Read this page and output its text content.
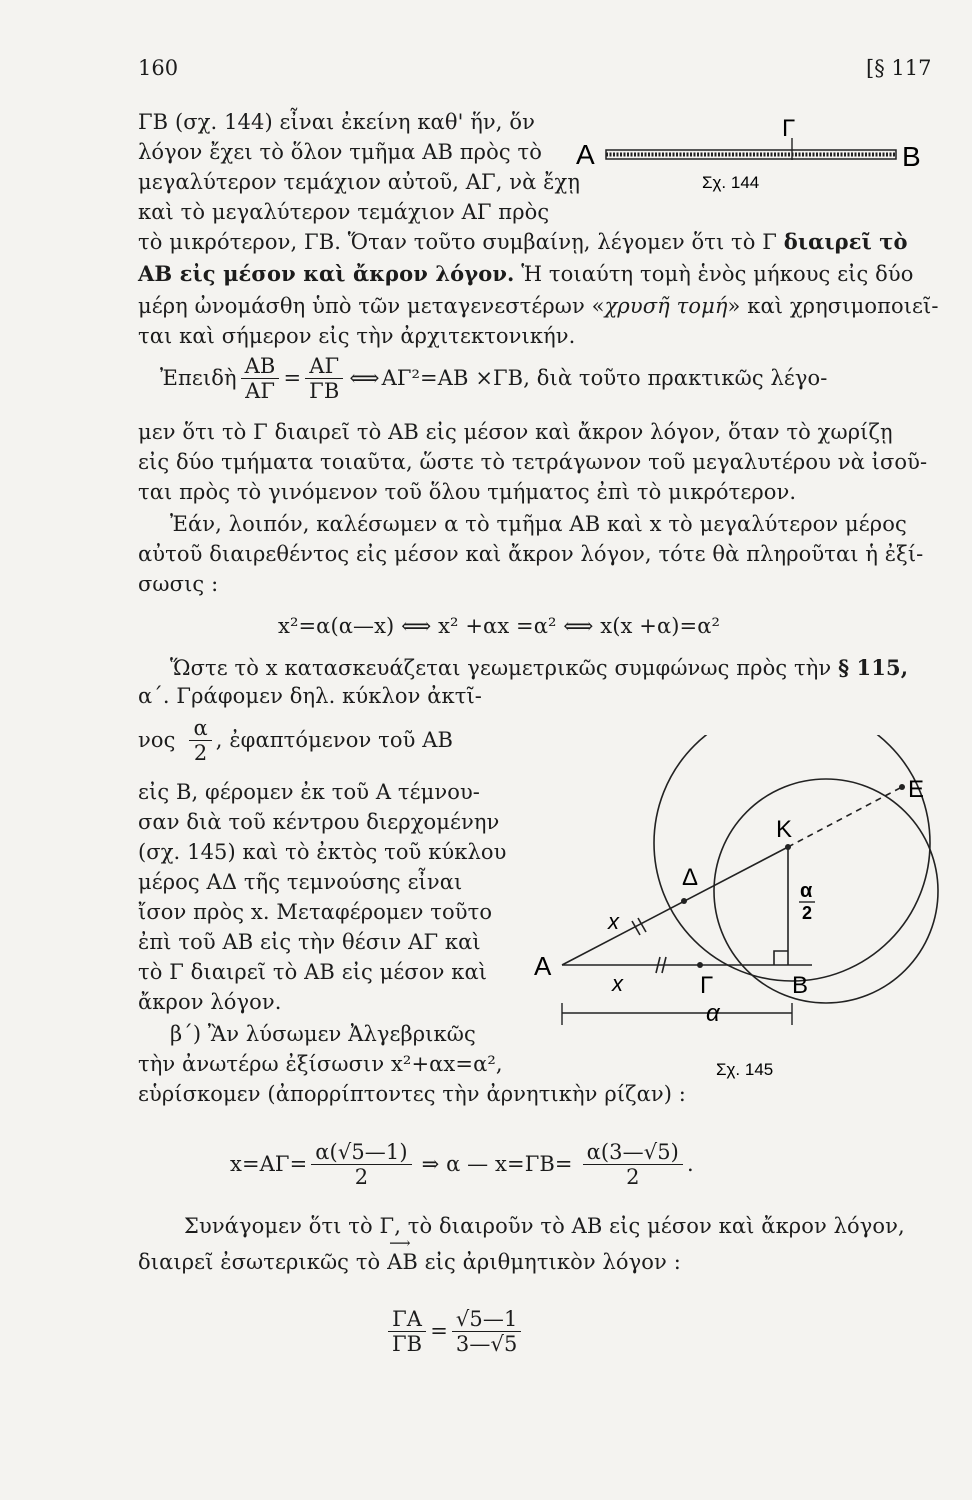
160	[§ 117
A
Γ
B
Σχ. 144
ΓΒ (σχ. 144) εἶναι ἐκείνη καθ' ἥν, ὅν
λόγον ἔχει τὸ ὅλον τμῆμα ΑΒ πρὸς τὸ
μεγαλύτερον τεμάχιον αὐτοῦ, ΑΓ, νὰ ἔχῃ
καὶ τὸ μεγαλύτερον τεμάχιον ΑΓ πρὸς
τὸ μικρότερον, ΓΒ. Ὅταν τοῦτο συμβαίνῃ, λέγομεν ὅτι τὸ Γ διαιρεῖ τὸ
ΑΒ εἰς μέσον καὶ ἄκρον λόγον. Ἡ τοιαύτη τομὴ ἑνὸς μήκους εἰς δύο
μέρη ὠνομάσθη ὑπὸ τῶν μεταγενεστέρων «χρυσῆ τομή» καὶ χρησιμοποιεῖ-
ται καὶ σήμερον εἰς τὴν ἀρχιτεκτονικήν.
Ἐπειδὴ $\frac{AB}{A\Gamma} = \frac{A\Gamma}{\Gamma B}$ ⟺ ΑΓ²=ΑΒ ×ΓΒ, διὰ τοῦτο πρακτικῶς λέγο-
μεν ὅτι τὸ Γ διαιρεῖ τὸ ΑΒ εἰς μέσον καὶ ἄκρον λόγον, ὅταν τὸ χωρίζῃ
εἰς δύο τμήματα τοιαῦτα, ὥστε τὸ τετράγωνον τοῦ μεγαλυτέρου νὰ ἰσοῦ-
ται πρὸς τὸ γινόμενον τοῦ ὅλου τμήματος ἐπὶ τὸ μικρότερον.
Ἐάν, λοιπόν, καλέσωμεν α τὸ τμῆμα ΑΒ καὶ x τὸ μεγαλύτερον μέρος
αὐτοῦ διαιρεθέντος εἰς μέσον καὶ ἄκρον λόγον, τότε θὰ πληροῦται ἡ ἐξί-
σωσις :
x²=α(α—x) ⟺ x² +αx =α² ⟺ x(x +α)=α²
Ὥστε τὸ x κατασκευάζεται γεωμετρικῶς συμφώνως πρὸς τὴν § 115,
α΄. Γράφομεν δηλ. κύκλον ἀκτῖ-
νος $\frac{\alpha}{2}$ , ἐφαπτόμενον τοῦ ΑΒ
εἰς Β, φέρομεν ἐκ τοῦ Α τέμνου-
σαν διὰ τοῦ κέντρου διερχομένην
(σχ. 145) καὶ τὸ ἐκτὸς τοῦ κύκλου
μέρος ΑΔ τῆς τεμνούσης εἶναι
ἴσον πρὸς x. Μεταφέρομεν τοῦτο
ἐπὶ τοῦ ΑΒ εἰς τὴν θέσιν ΑΓ καὶ
τὸ Γ διαιρεῖ τὸ ΑΒ εἰς μέσον καὶ
ἄκρον λόγον.
β΄) Ἂν λύσωμεν Ἀλγεβρικῶς
τὴν ἀνωτέρω ἐξίσωσιν x²+αx=α²,
εὑρίσκομεν (ἀπορρίπτοντες τὴν ἀρνητικὴν ρίζαν) :
A
Γ	B
Δ
K
E
x
x
α
α
2
Σχ. 145
$x=A\Gamma= \frac{\alpha(√5—1)}{2}$ ⇒ α — $x=\Gamma B= \frac{\alpha(3—√5)}{2}$ .
Συνάγομεν ὅτι τὸ Γ, τὸ διαιροῦν τὸ ΑΒ εἰς μέσον καὶ ἄκρον λόγον,
διαιρεῖ ἐσωτερικῶς τὸ
⟶
ΑΒ εἰς ἀριθμητικὸν λόγον :
$\frac{\Gamma A}{\Gamma B} = \frac{√5—1}{3—√5}$
